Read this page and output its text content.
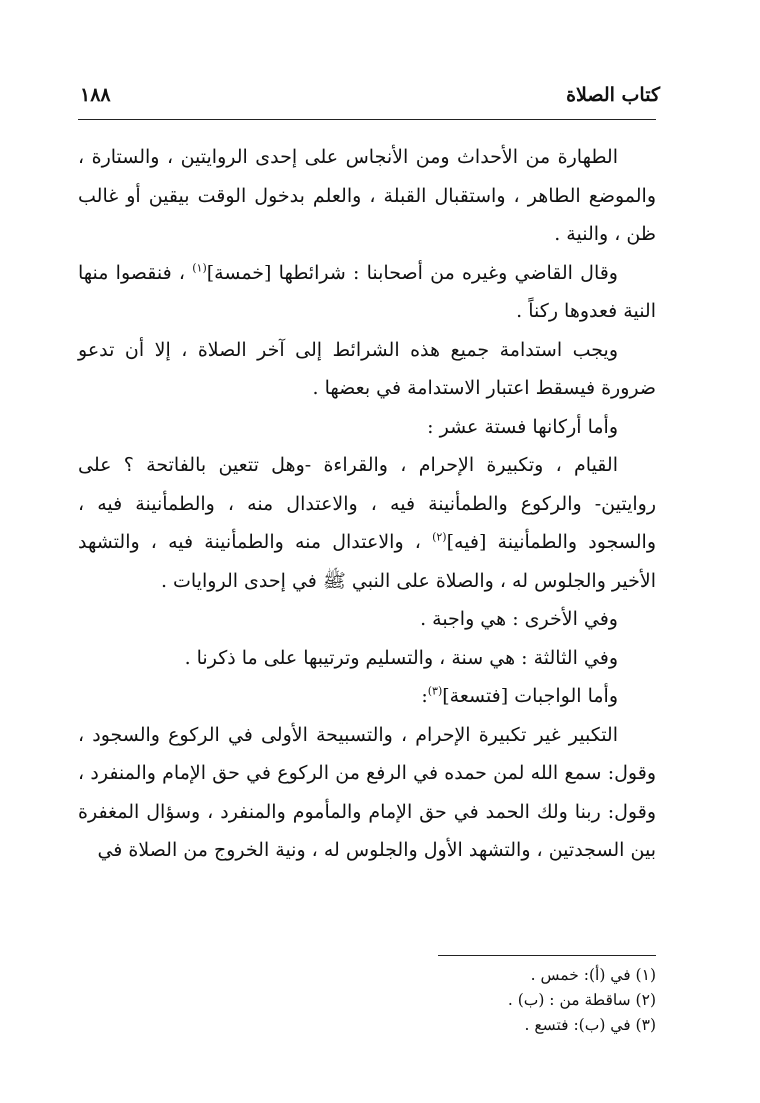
كتاب الصلاة
١٨٨

الطهارة من الأحداث ومن الأنجاس على إحدى الروايتين ، والستارة ، والموضع الطاهر ، واستقبال القبلة ، والعلم بدخول الوقت بيقين أو غالب ظن ، والنية .

وقال القاضي وغيره من أصحابنا : شرائطها [خمسة]$^{(١)}$ ، فنقصوا منها النية فعدوها ركناً .

ويجب استدامة جميع هذه الشرائط إلى آخر الصلاة ، إلا أن تدعو ضرورة فيسقط اعتبار الاستدامة في بعضها .

وأما أركانها فستة عشر :

القيام ، وتكبيرة الإحرام ، والقراءة -وهل تتعين بالفاتحة ؟ على روايتين- والركوع والطمأنينة فيه ، والاعتدال منه ، والطمأنينة فيه ، والسجود والطمأنينة [فيه]$^{(٢)}$ ، والاعتدال منه والطمأنينة فيه ، والتشهد الأخير والجلوس له ، والصلاة على النبي ﷺ في إحدى الروايات .

وفي الأخرى : هي واجبة .

وفي الثالثة : هي سنة ، والتسليم وترتيبها على ما ذكرنا .

وأما الواجبات [فتسعة]$^{(٣)}$:

التكبير غير تكبيرة الإحرام ، والتسبيحة الأولى في الركوع والسجود ، وقول: سمع الله لمن حمده في الرفع من الركوع في حق الإمام والمنفرد ، وقول: ربنا ولك الحمد في حق الإمام والمأموم والمنفرد ، وسؤال المغفرة بين السجدتين ، والتشهد الأول والجلوس له ، ونية الخروج من الصلاة في

(١) في (أ): خمس .

(٢) ساقطة من : (ب) .

(٣) في (ب): فتسع .
